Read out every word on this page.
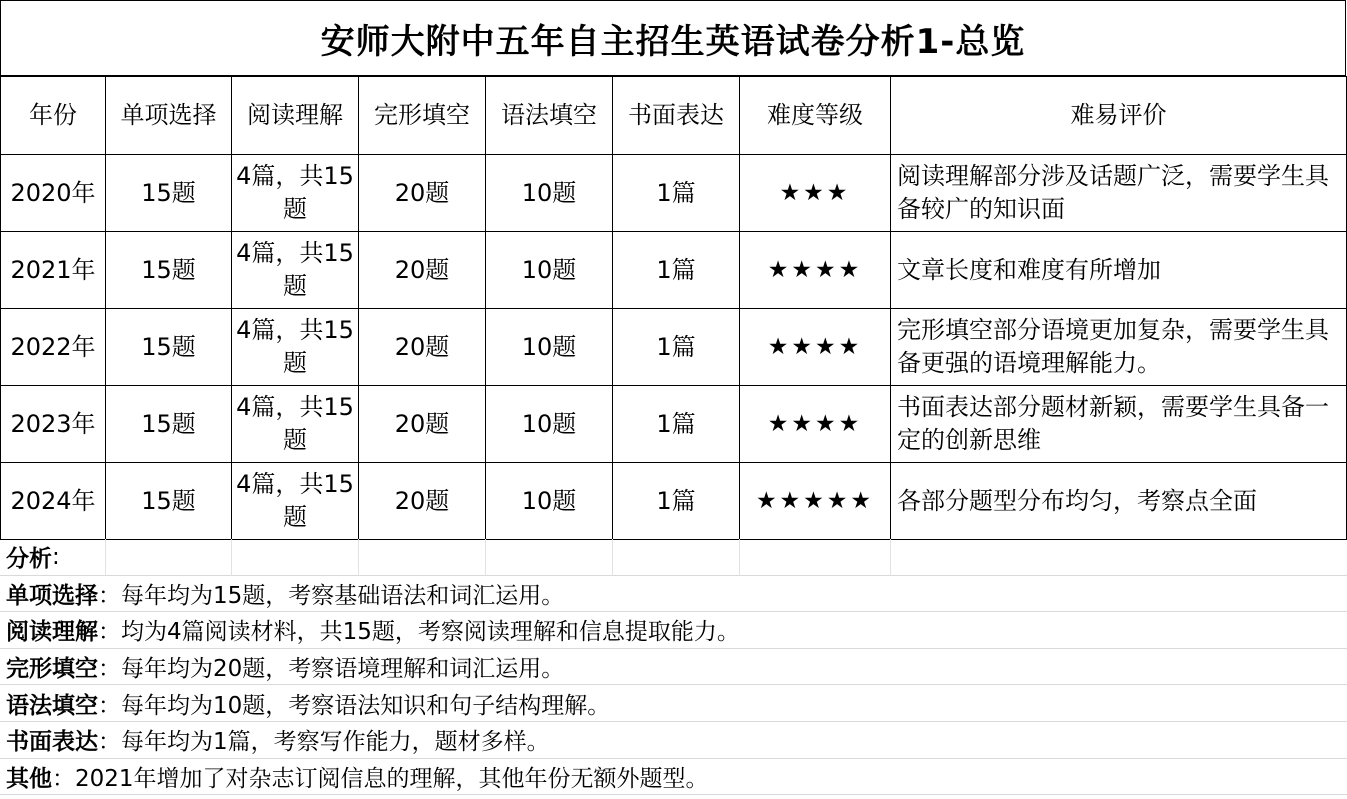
安师大附中五年自主招生英语试卷分析1-总览
年份	单项选择	阅读理解	完形填空	语法填空	书面表达	难度等级	难易评价
2020年	15题	4篇，共15题	20题	10题	1篇	★★★	阅读理解部分涉及话题广泛，需要学生具备较广的知识面
2021年	15题	4篇，共15题	20题	10题	1篇	★★★★	文章长度和难度有所增加
2022年	15题	4篇，共15题	20题	10题	1篇	★★★★	完形填空部分语境更加复杂，需要学生具备更强的语境理解能力。
2023年	15题	4篇，共15题	20题	10题	1篇	★★★★	书面表达部分题材新颖，需要学生具备一定的创新思维
2024年	15题	4篇，共15题	20题	10题	1篇	★★★★★	各部分题型分布均匀，考察点全面
分析 :
单项选择 ： 每年均为15题，考察基础语法和词汇运用。
阅读理解 ： 均为4篇阅读材料，共15题，考察阅读理解和信息提取能力。
完形填空 ： 每年均为20题，考察语境理解和词汇运用。
语法填空 ： 每年均为10题，考察语法知识和句子结构理解。
书面表达 ： 每年均为1篇，考察写作能力，题材多样。
其他 ： 2021年增加了对杂志订阅信息的理解，其他年份无额外题型。
